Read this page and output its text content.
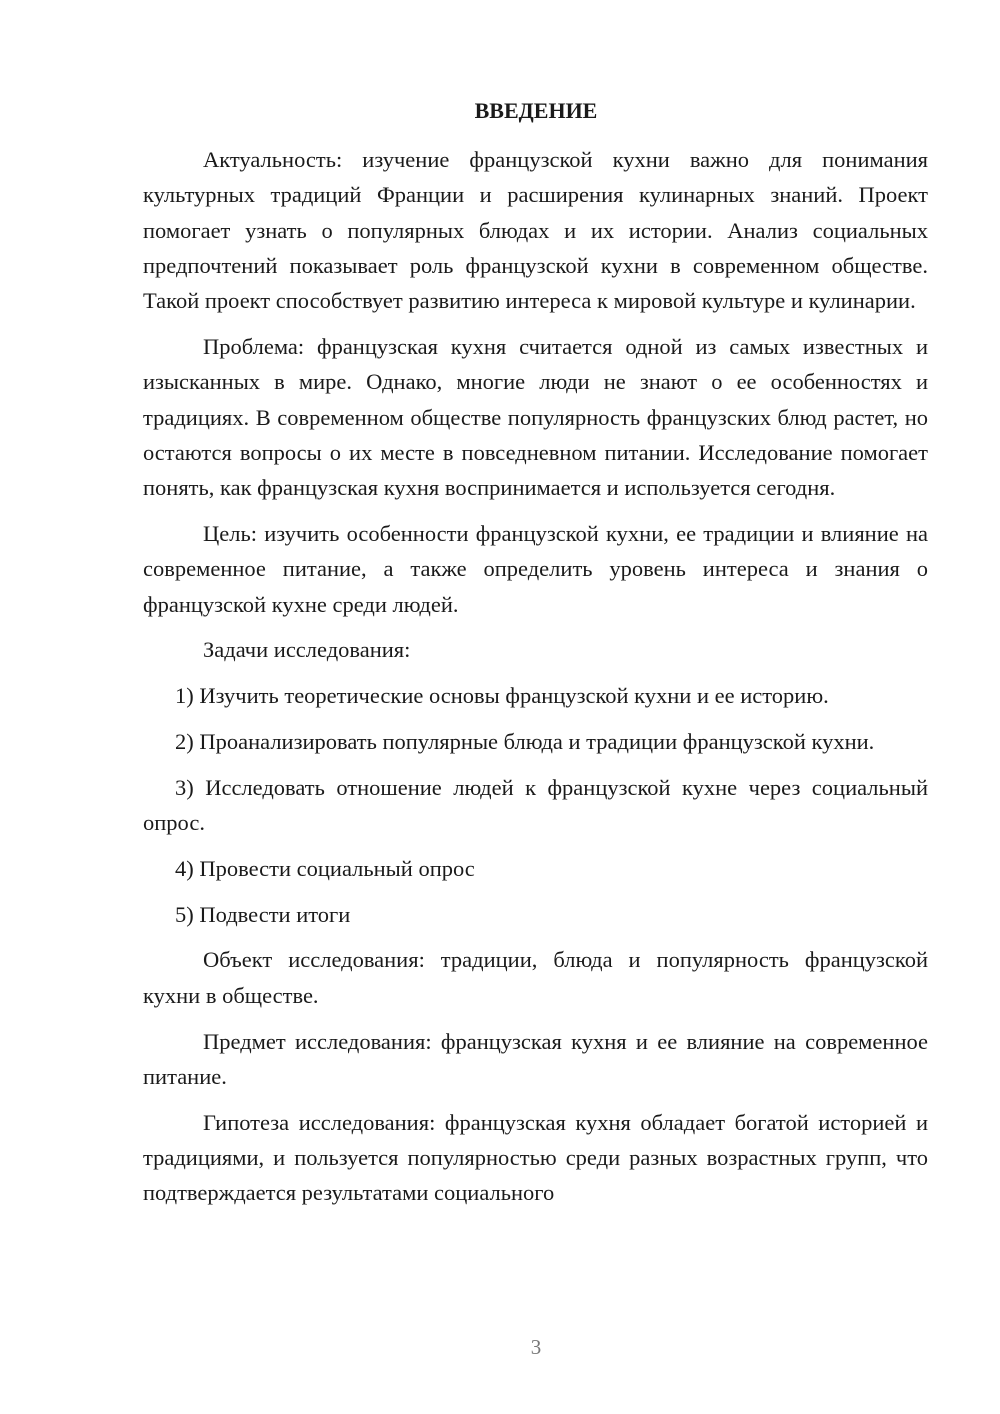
ВВЕДЕНИЕ

Актуальность: изучение французской кухни важно для понимания культурных традиций Франции и расширения кулинарных знаний. Проект помогает узнать о популярных блюдах и их истории. Анализ социальных предпочтений показывает роль французской кухни в современном обществе. Такой проект способствует развитию интереса к мировой культуре и кулинарии.

Проблема: французская кухня считается одной из самых известных и изысканных в мире. Однако, многие люди не знают о ее особенностях и традициях. В современном обществе популярность французских блюд растет, но остаются вопросы о их месте в повседневном питании. Исследование помогает понять, как французская кухня воспринимается и используется сегодня.

Цель: изучить особенности французской кухни, ее традиции и влияние на современное питание, а также определить уровень интереса и знания о французской кухне среди людей.

Задачи исследования:

1) Изучить теоретические основы французской кухни и ее историю.

2) Проанализировать популярные блюда и традиции французской кухни.

3) Исследовать отношение людей к французской кухне через социальный опрос.

4) Провести социальный опрос

5) Подвести итоги

Объект исследования: традиции, блюда и популярность французской кухни в обществе.

Предмет исследования: французская кухня и ее влияние на современное питание.

Гипотеза исследования: французская кухня обладает богатой историей и традициями, и пользуется популярностью среди разных возрастных групп, что подтверждается результатами социального

3
